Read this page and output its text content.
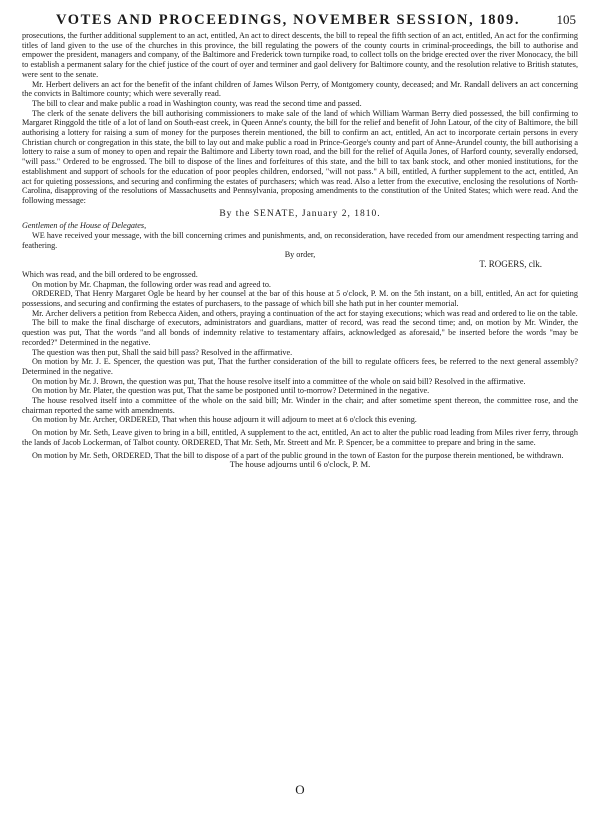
VOTES AND PROCEEDINGS, NOVEMBER SESSION, 1809.	105

prosecutions, the further additional supplement to an act, entitled, An act to direct descents, the bill to repeal the fifth section of an act, entitled, An act for the confirming titles of land given to the use of the churches in this province, the bill regulating the powers of the county courts in criminal-proceedings, the bill to authorise and empower the president, managers and company, of the Baltimore and Frederick town turnpike road, to collect tolls on the bridge erected over the river Monocacy, the bill to establish a permanent salary for the chief justice of the court of oyer and terminer and gaol delivery for Baltimore county, and the resolution relative to British statutes, were sent to the senate.

Mr. Herbert delivers an act for the benefit of the infant children of James Wilson Perry, of Montgomery county, deceased; and Mr. Randall delivers an act concerning the convicts in Baltimore county; which were severally read.

The bill to clear and make public a road in Washington county, was read the second time and passed.

The clerk of the senate delivers the bill authorising commissioners to make sale of the land of which William Warman Berry died possessed, the bill confirming to Margaret Ringgold the title of a lot of land on South-east creek, in Queen Anne's county, the bill for the relief and benefit of John Latour, of the city of Baltimore, the bill authorising a lottery for raising a sum of money for the purposes therein mentioned, the bill to confirm an act, entitled, An act to incorporate certain persons in every Christian church or congregation in this state, the bill to lay out and make public a road in Prince-George's county and part of Anne-Arundel county, the bill authorising a lottery to raise a sum of money to open and repair the Baltimore and Liberty town road, and the bill for the relief of Aquila Jones, of Harford county, severally endorsed, "will pass." Ordered to be engrossed. The bill to dispose of the lines and forfeitures of this state, and the bill to tax bank stock, and other monied institutions, for the establishment and support of schools for the education of poor peoples children, endorsed, "will not pass." A bill, entitled, A further supplement to the act, entitled, An act for quieting possessions, and securing and confirming the estates of purchasers; which was read. Also a letter from the executive, enclosing the resolutions of North-Carolina, disapproving of the resolutions of Massachusetts and Pennsylvania, proposing amendments to the constitution of the United States; which were read. And the following message:

By the SENATE, January 2, 1810.

Gentlemen of the House of Delegates,

WE have received your message, with the bill concerning crimes and punishments, and, on reconsideration, have receded from our amendment respecting tarring and feathering.

By order,

T. ROGERS, clk.

Which was read, and the bill ordered to be engrossed.

On motion by Mr. Chapman, the following order was read and agreed to.

ORDERED, That Henry Margaret Ogle be heard by her counsel at the bar of this house at 5 o'clock, P. M. on the 5th instant, on a bill, entitled, An act for quieting possessions, and securing and confirming the estates of purchasers, to the passage of which bill she hath put in her counter memorial.

Mr. Archer delivers a petition from Rebecca Aiden, and others, praying a continuation of the act for staying executions; which was read and ordered to lie on the table.

The bill to make the final discharge of executors, administrators and guardians, matter of record, was read the second time; and, on motion by Mr. Winder, the question was put, That the words "and all bonds of indemnity relative to testamentary affairs, acknowledged as aforesaid," be inserted before the words "may be recorded?" Determined in the negative.

The question was then put, Shall the said bill pass? Resolved in the affirmative.

On motion by Mr. J. E. Spencer, the question was put, That the further consideration of the bill to regulate officers fees, be referred to the next general assembly? Determined in the negative.

On motion by Mr. J. Brown, the question was put, That the house resolve itself into a committee of the whole on said bill? Resolved in the affirmative.

On motion by Mr. Plater, the question was put, That the same be postponed until to-morrow? Determined in the negative.

The house resolved itself into a committee of the whole on the said bill; Mr. Winder in the chair; and after sometime spent thereon, the committee rose, and the chairman reported the same with amendments.

On motion by Mr. Archer, ORDERED, That when this house adjourn it will adjourn to meet at 6 o'clock this evening.

On motion by Mr. Seth, Leave given to bring in a bill, entitled, A supplement to the act, entitled, An act to alter the public road leading from Miles river ferry, through the lands of Jacob Lockerman, of Talbot county. ORDERED, That Mr. Seth, Mr. Streett and Mr. P. Spencer, be a committee to prepare and bring in the same.

On motion by Mr. Seth, ORDERED, That the bill to dispose of a part of the public ground in the town of Easton for the purpose therein mentioned, be withdrawn.

The house adjourns until 6 o'clock, P. M.

O
